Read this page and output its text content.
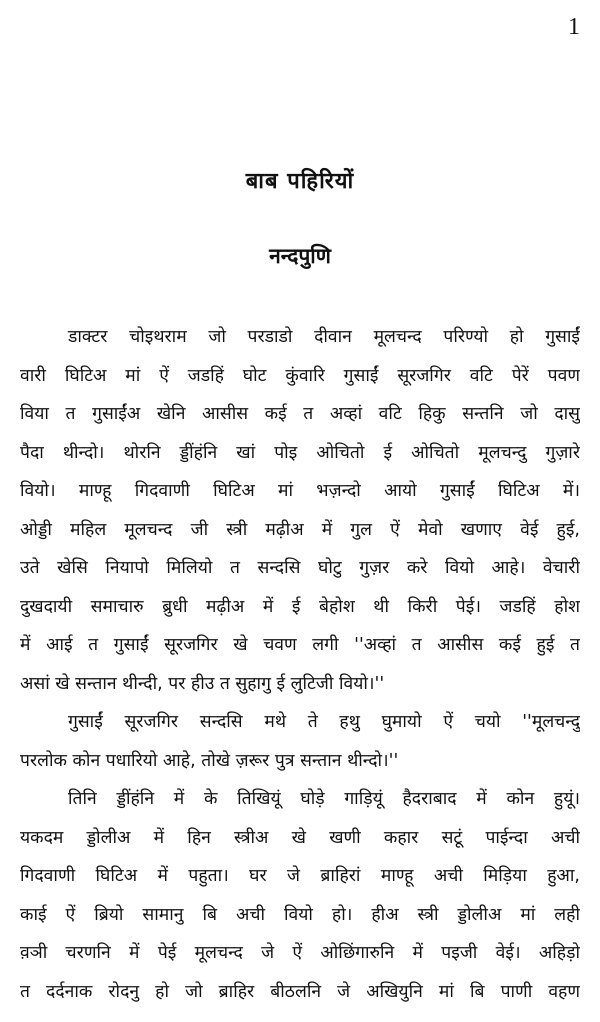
1
बाब पहिरियों
नन्दपुणि
डाक्टर चोइथराम जो परडाडो दीवान मूलचन्द परिण्यो हो गुसाईं
वारी घिटिअ मां ऐं जडहिं घोट कुंवारि गुसाईं सूरजगिर वटि पेरें पवण
विया त गुसाईंअ खेनि आसीस कई त अव्हां वटि हिकु सन्तनि जो दासु
पैदा थीन्दो। थोरनि ड्डींहंनि खां पोइ ओचितो ई ओचितो मूलचन्दु गुज़ारे
वियो। माण्हू गिदवाणी घिटिअ मां भज़न्दो आयो गुसाईं घिटिअ में।
ओड्डी महिल मूलचन्द जी स्त्री मढ़ीअ में गुल ऐं मेवो खणाए वेई हुई,
उते खेसि नियापो मिलियो त सन्दसि घोटु गुज़र करे वियो आहे। वेचारी
दुखदायी समाचारु ब्रुधी मढ़ीअ में ई बेहोश थी किरी पेई। जडहिं होश
में आई त गुसाईं सूरजगिर खे चवण लगी ''अव्हां त आसीस कई हुई त
असां खे सन्तान थीन्दी, पर हीउ त सुहागु ई लुटिजी वियो।''
गुसाईं सूरजगिर सन्दसि मथे ते हथु घुमायो ऐं चयो ''मूलचन्दु
परलोक कोन पधारियो आहे, तोखे ज़रूर पुत्र सन्तान थीन्दो।''
तिनि ड्डींहंनि में के तिखियूं घोड़े गाड़ियूं हैदराबाद में कोन हुयूं।
यकदम ड्डोलीअ में हिन स्त्रीअ खे खणी कहार सटूं पाईन्दा अची
गिदवाणी घिटिअ में पहुता। घर जे ब्राहिरां माण्हू अची मिड़िया हुआ,
काई ऐं ब्रियो सामानु बि अची वियो हो। हीअ स्त्री ड्डोलीअ मां लही
व़ञी चरणनि में पेई मूलचन्द जे ऐं ओछिंगारुनि में पइजी वेई। अहिड़ो
त दर्दनाक रोदनु हो जो ब्राहिर बीठलनि जे अखियुनि मां बि पाणी वहण
